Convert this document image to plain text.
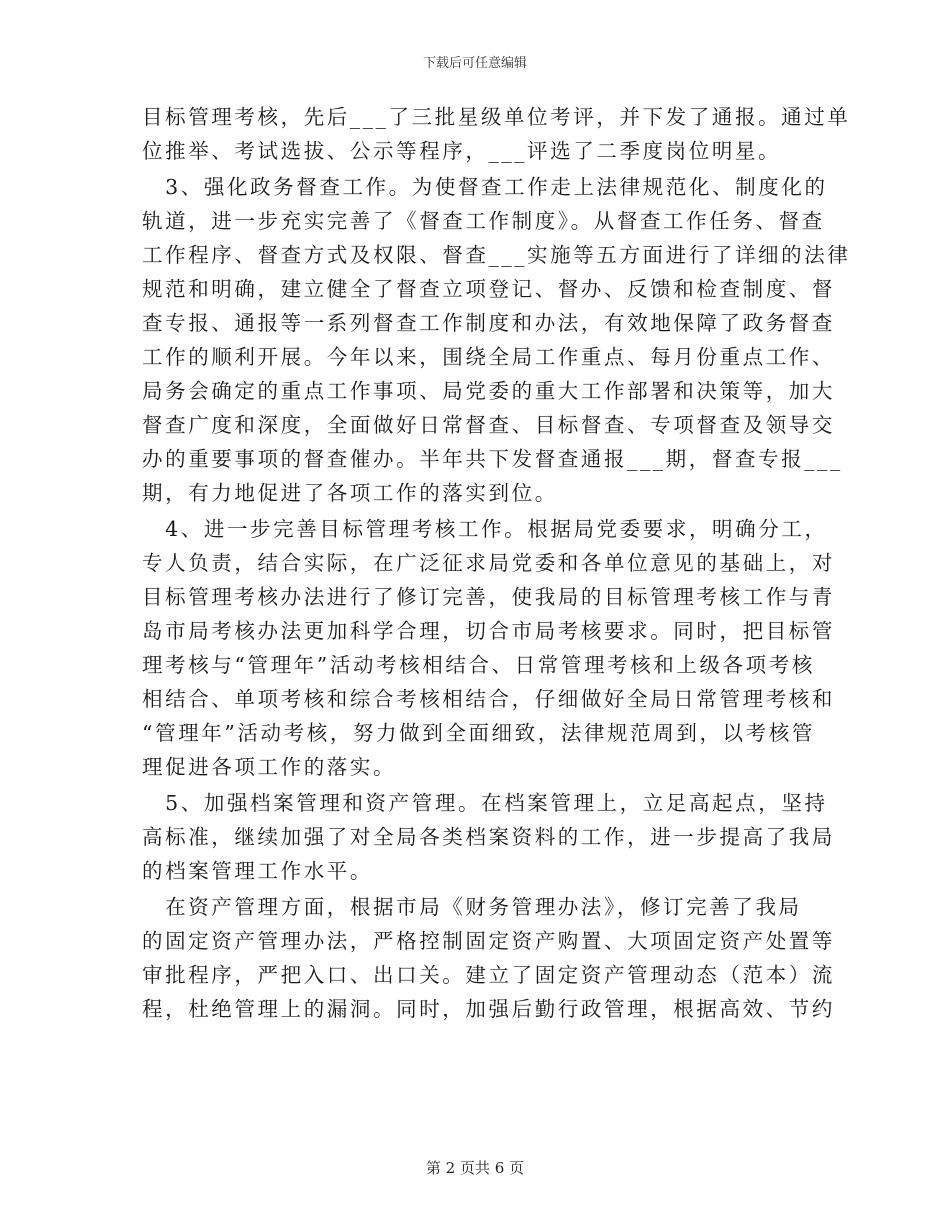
下载后可任意编辑
目标管理考核，先后___了三批星级单位考评，并下发了通报。通过单
位推举、考试选拔、公示等程序，___评选了二季度岗位明星。
　3、强化政务督查工作。为使督查工作走上法律规范化、制度化的
轨道，进一步充实完善了《督查工作制度》。从督查工作任务、督查
工作程序、督查方式及权限、督查___实施等五方面进行了详细的法律
规范和明确，建立健全了督查立项登记、督办、反馈和检查制度、督
查专报、通报等一系列督查工作制度和办法，有效地保障了政务督查
工作的顺利开展。今年以来，围绕全局工作重点、每月份重点工作、
局务会确定的重点工作事项、局党委的重大工作部署和决策等，加大
督查广度和深度，全面做好日常督查、目标督查、专项督查及领导交
办的重要事项的督查催办。半年共下发督查通报___期，督查专报___
期，有力地促进了各项工作的落实到位。
　4、进一步完善目标管理考核工作。根据局党委要求，明确分工，
专人负责，结合实际，在广泛征求局党委和各单位意见的基础上，对
目标管理考核办法进行了修订完善，使我局的目标管理考核工作与青
岛市局考核办法更加科学合理，切合市局考核要求。同时，把目标管
理考核与“管理年”活动考核相结合、日常管理考核和上级各项考核
相结合、单项考核和综合考核相结合，仔细做好全局日常管理考核和
“管理年”活动考核，努力做到全面细致，法律规范周到，以考核管
理促进各项工作的落实。
　5、加强档案管理和资产管理。在档案管理上，立足高起点，坚持
高标准，继续加强了对全局各类档案资料的工作，进一步提高了我局
的档案管理工作水平。
　在资产管理方面，根据市局《财务管理办法》，修订完善了我局
的固定资产管理办法，严格控制固定资产购置、大项固定资产处置等
审批程序，严把入口、出口关。建立了固定资产管理动态（范本）流
程，杜绝管理上的漏洞。同时，加强后勤行政管理，根据高效、节约
第 2 页共 6 页
